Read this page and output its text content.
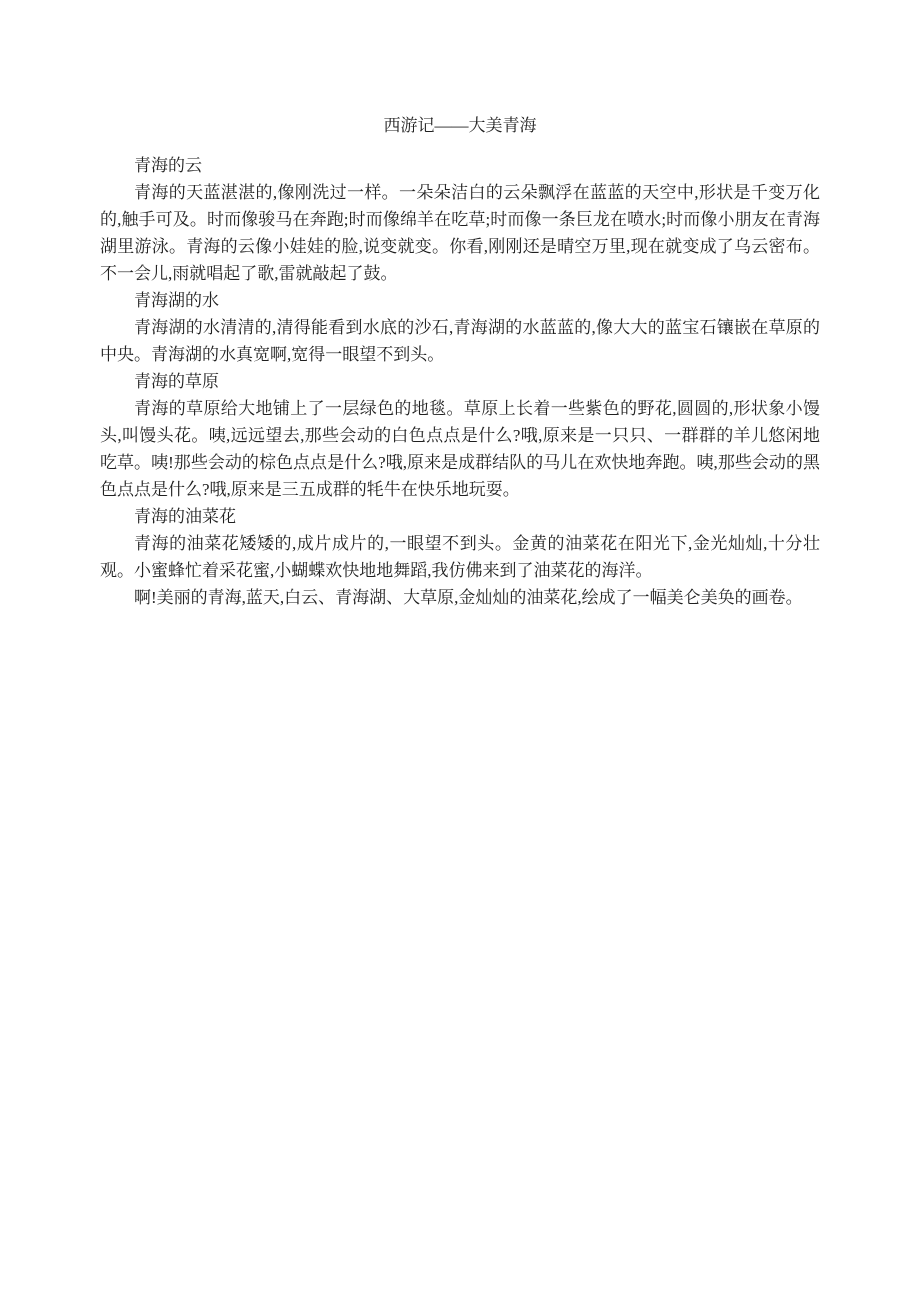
西游记——大美青海

青海的云

青海的天蓝湛湛的,像刚洗过一样。一朵朵洁白的云朵飘浮在蓝蓝的天空中,形状是千变万化的,触手可及。时而像骏马在奔跑;时而像绵羊在吃草;时而像一条巨龙在喷水;时而像小朋友在青海湖里游泳。青海的云像小娃娃的脸,说变就变。你看,刚刚还是晴空万里,现在就变成了乌云密布。不一会儿,雨就唱起了歌,雷就敲起了鼓。

青海湖的水

青海湖的水清清的,清得能看到水底的沙石,青海湖的水蓝蓝的,像大大的蓝宝石镶嵌在草原的中央。青海湖的水真宽啊,宽得一眼望不到头。

青海的草原

青海的草原给大地铺上了一层绿色的地毯。草原上长着一些紫色的野花,圆圆的,形状象小馒头,叫馒头花。咦,远远望去,那些会动的白色点点是什么?哦,原来是一只只、一群群的羊儿悠闲地吃草。咦!那些会动的棕色点点是什么?哦,原来是成群结队的马儿在欢快地奔跑。咦,那些会动的黑色点点是什么?哦,原来是三五成群的牦牛在快乐地玩耍。

青海的油菜花

青海的油菜花矮矮的,成片成片的,一眼望不到头。金黄的油菜花在阳光下,金光灿灿,十分壮观。小蜜蜂忙着采花蜜,小蝴蝶欢快地地舞蹈,我仿佛来到了油菜花的海洋。

啊!美丽的青海,蓝天,白云、青海湖、大草原,金灿灿的油菜花,绘成了一幅美仑美奂的画卷。
